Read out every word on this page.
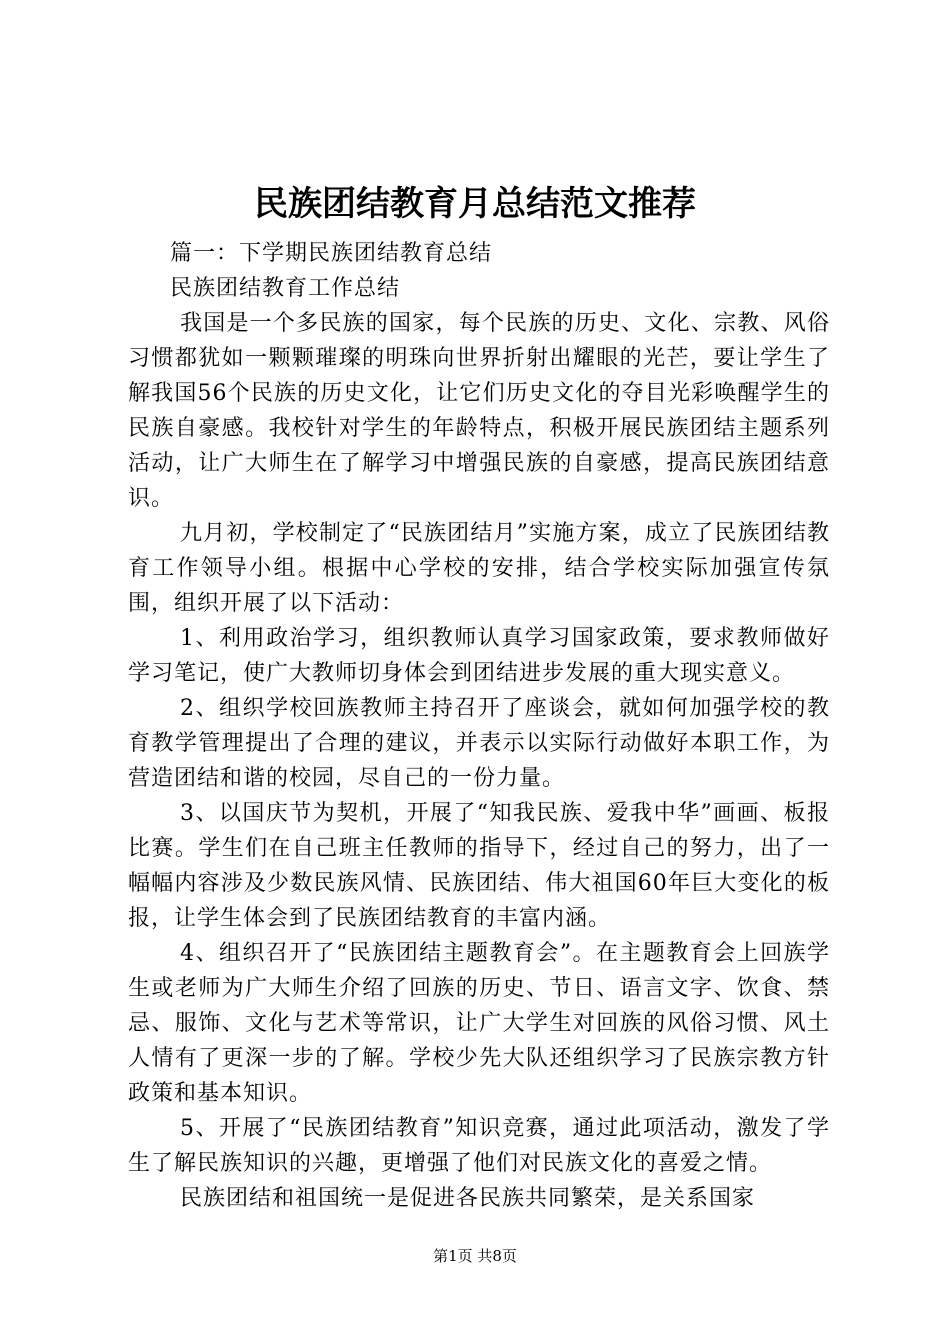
民族团结教育月总结范文推荐

篇一：下学期民族团结教育总结

民族团结教育工作总结

我国是一个多民族的国家，每个民族的历史、文化、宗教、风俗习惯都犹如一颗颗璀璨的明珠向世界折射出耀眼的光芒，要让学生了解我国56个民族的历史文化，让它们历史文化的夺目光彩唤醒学生的民族自豪感。我校针对学生的年龄特点，积极开展民族团结主题系列活动，让广大师生在了解学习中增强民族的自豪感，提高民族团结意识。

九月初，学校制定了“民族团结月”实施方案，成立了民族团结教育工作领导小组。根据中心学校的安排，结合学校实际加强宣传氛围，组织开展了以下活动：

1、利用政治学习，组织教师认真学习国家政策，要求教师做好学习笔记，使广大教师切身体会到团结进步发展的重大现实意义。

2、组织学校回族教师主持召开了座谈会，就如何加强学校的教育教学管理提出了合理的建议，并表示以实际行动做好本职工作，为营造团结和谐的校园，尽自己的一份力量。

3、以国庆节为契机，开展了“知我民族、爱我中华”画画、板报比赛。学生们在自己班主任教师的指导下，经过自己的努力，出了一幅幅内容涉及少数民族风情、民族团结、伟大祖国60年巨大变化的板报，让学生体会到了民族团结教育的丰富内涵。

4、组织召开了“民族团结主题教育会”。在主题教育会上回族学生或老师为广大师生介绍了回族的历史、节日、语言文字、饮食、禁忌、服饰、文化与艺术等常识，让广大学生对回族的风俗习惯、风土人情有了更深一步的了解。学校少先大队还组织学习了民族宗教方针政策和基本知识。

5、开展了“民族团结教育”知识竞赛，通过此项活动，激发了学生了解民族知识的兴趣，更增强了他们对民族文化的喜爱之情。

民族团结和祖国统一是促进各民族共同繁荣，是关系国家

第1页 共8页
